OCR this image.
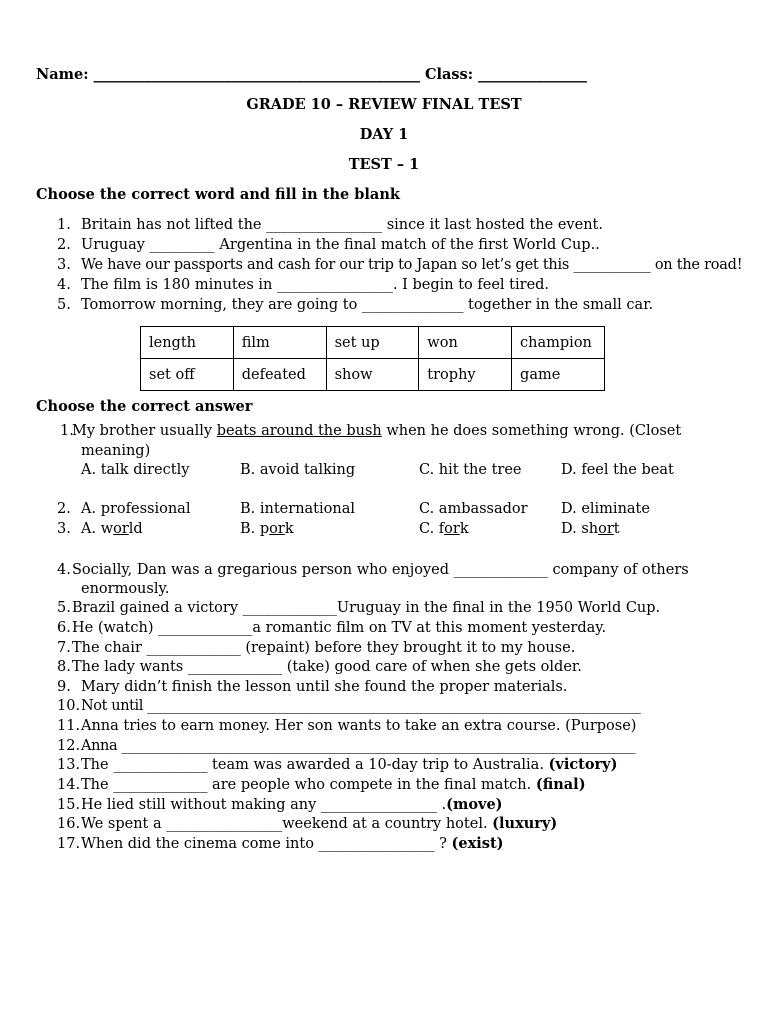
Name: _____________________________________________ Class: _______________
GRADE 10 – REVIEW FINAL TEST
DAY 1
TEST – 1
Choose the correct word and fill in the blank
1. Britain has not lifted the ________________ since it last hosted the event.
2. Uruguay _________ Argentina in the final match of the first World Cup..
3. We have our passports and cash for our trip to Japan so let’s get this ___________ on the road!
4. The film is 180 minutes in ________________. I begin to feel tired.
5. Tomorrow morning, they are going to ______________ together in the small car.
length	film	set up	won	champion
set off	defeated	show	trophy	game
Choose the correct answer
1.
My brother usually beats around the bush when he does something wrong. (Closet
meaning)
A. talk directly	B. avoid talking	C. hit the tree	D. feel the beat
2. A. professional	B. international	C. ambassador D. eliminate
3. A. world	B. pork	C. fork	D. short
4. Socially, Dan was a gregarious person who enjoyed _____________ company of others
enormously.
5. Brazil gained a victory _____________Uruguay in the final in the 1950 World Cup.
6. He (watch) _____________a romantic film on TV at this moment yesterday.
7. The chair _____________ (repaint) before they brought it to my house.
8. The lady wants _____________ (take) good care of when she gets older.
9. Mary didn’t finish the lesson until she found the proper materials.
10. Not until ________________________________________________________________________
11. Anna tries to earn money. Her son wants to take an extra course. (Purpose)
12. Anna ___________________________________________________________________________
13. The _____________ team was awarded a 10-day trip to Australia. (victory)
14. The _____________ are people who compete in the final match. (final)
15. He lied still without making any ________________ .(move)
16. We spent a ________________weekend at a country hotel. (luxury)
17. When did the cinema come into ________________ ? (exist)
